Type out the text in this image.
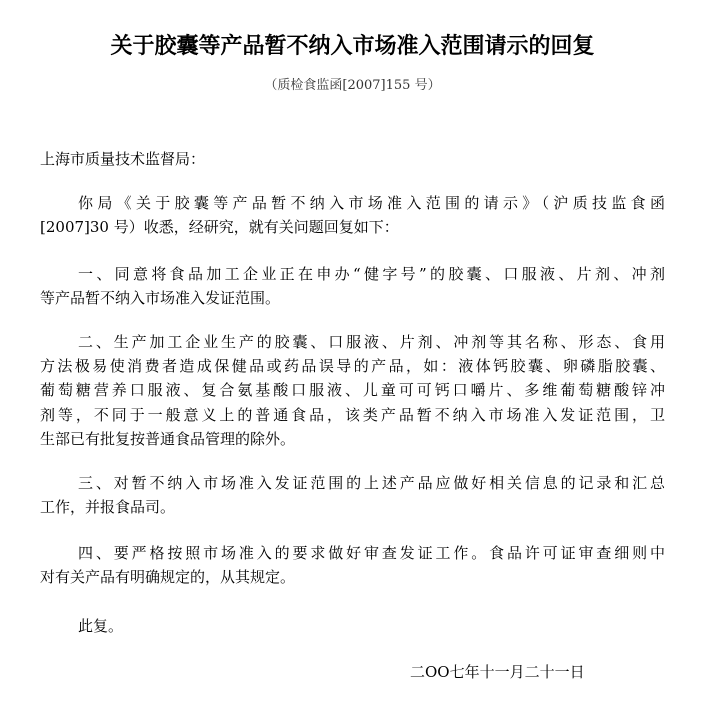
关于胶囊等产品暂不纳入市场准入范围请示的回复
（质检食监函[2007]155 号）
上海市质量技术监督局：
你局《关于胶囊等产品暂不纳入市场准入范围的请示》（沪质技监食函
[2007]30 号）收悉，经研究，就有关问题回复如下：
一、同意将食品加工企业正在申办“健字号”的胶囊、口服液、片剂、冲剂
等产品暂不纳入市场准入发证范围。
二、生产加工企业生产的胶囊、口服液、片剂、冲剂等其名称、形态、食用
方法极易使消费者造成保健品或药品误导的产品，如：液体钙胶囊、卵磷脂胶囊、
葡萄糖营养口服液、复合氨基酸口服液、儿童可可钙口嚼片、多维葡萄糖酸锌冲
剂等，不同于一般意义上的普通食品，该类产品暂不纳入市场准入发证范围，卫
生部已有批复按普通食品管理的除外。
三、对暂不纳入市场准入发证范围的上述产品应做好相关信息的记录和汇总
工作，并报食品司。
四、要严格按照市场准入的要求做好审查发证工作。食品许可证审查细则中
对有关产品有明确规定的，从其规定。
此复。
二OO七年十一月二十一日
